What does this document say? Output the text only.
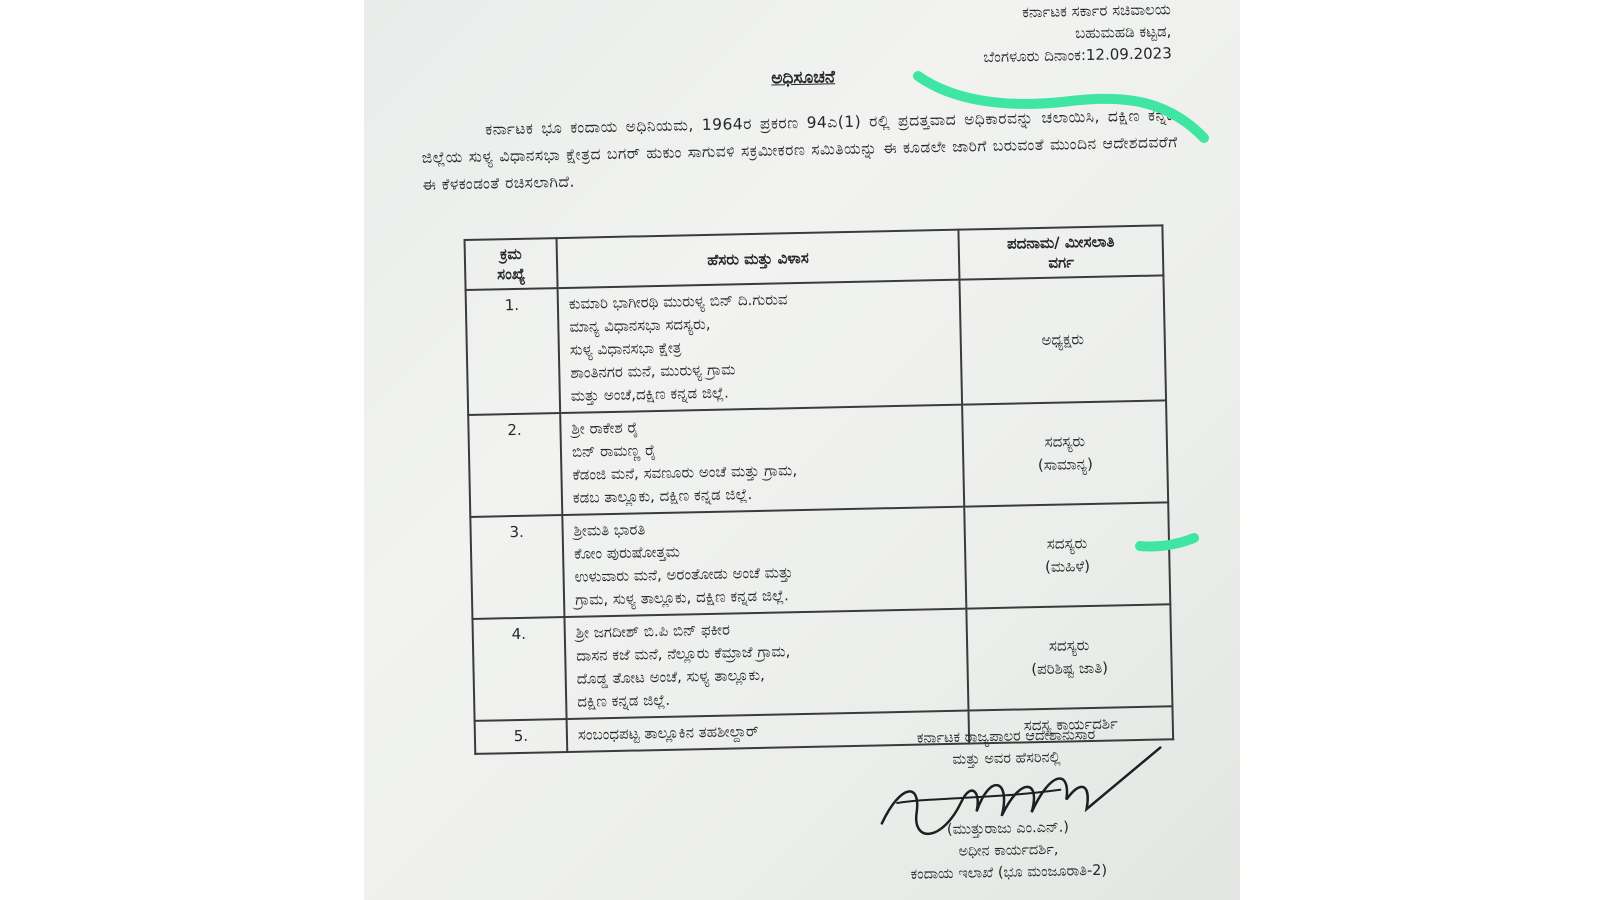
ಕರ್ನಾಟಕ ಸರ್ಕಾರ ಸಚಿವಾಲಯ
ಬಹುಮಹಡಿ ಕಟ್ಟಡ,
ಬೆಂಗಳೂರು ದಿನಾಂಕ:12.09.2023
ಅಧಿಸೂಚನೆ
ಕರ್ನಾಟಕ ಭೂ ಕಂದಾಯ ಅಧಿನಿಯಮ, 1964ರ ಪ್ರಕರಣ 94ಎ(1) ರಲ್ಲಿ ಪ್ರದತ್ತವಾದ ಅಧಿಕಾರವನ್ನು ಚಲಾಯಿಸಿ, ದಕ್ಷಿಣ ಕನ್ನಡ ಜಿಲ್ಲೆಯ ಸುಳ್ಯ ವಿಧಾನಸಭಾ ಕ್ಷೇತ್ರದ ಬಗರ್ ಹುಕುಂ ಸಾಗುವಳಿ ಸಕ್ರಮೀಕರಣ ಸಮಿತಿಯನ್ನು ಈ ಕೂಡಲೇ ಜಾರಿಗೆ ಬರುವಂತೆ ಮುಂದಿನ ಆದೇಶದವರೆಗೆ ಈ ಕೆಳಕಂಡಂತೆ ರಚಿಸಲಾಗಿದೆ.
ಕ್ರಮ
ಸಂಖ್ಯೆ	ಹೆಸರು ಮತ್ತು ವಿಳಾಸ	ಪದನಾಮ/ ಮೀಸಲಾತಿ
ವರ್ಗ

1.	ಕುಮಾರಿ ಭಾಗೀರಥಿ ಮುರುಳ್ಯ ಬಿನ್ ದಿ.ಗುರುವ
ಮಾನ್ಯ ವಿಧಾನಸಭಾ ಸದಸ್ಯರು,
ಸುಳ್ಯ ವಿಧಾನಸಭಾ ಕ್ಷೇತ್ರ
ಶಾಂತಿನಗರ ಮನೆ, ಮುರುಳ್ಯ ಗ್ರಾಮ
ಮತ್ತು ಅಂಚೆ,ದಕ್ಷಿಣ ಕನ್ನಡ ಜಿಲ್ಲೆ.	ಅಧ್ಯಕ್ಷರು

2.	ಶ್ರೀ ರಾಕೇಶ ರೈ
ಬಿನ್ ರಾಮಣ್ಣ ರೈ
ಕೆಡಂಜಿ ಮನೆ, ಸವಣೂರು ಅಂಚೆ ಮತ್ತು ಗ್ರಾಮ,
ಕಡಬ ತಾಲ್ಲೂಕು, ದಕ್ಷಿಣ ಕನ್ನಡ ಜಿಲ್ಲೆ.	ಸದಸ್ಯರು
(ಸಾಮಾನ್ಯ)

3.	ಶ್ರೀಮತಿ ಭಾರತಿ
ಕೋಂ ಪುರುಷೋತ್ತಮ
ಉಳುವಾರು ಮನೆ, ಅರಂತೋಡು ಅಂಚೆ ಮತ್ತು
ಗ್ರಾಮ, ಸುಳ್ಯ ತಾಲ್ಲೂಕು, ದಕ್ಷಿಣ ಕನ್ನಡ ಜಿಲ್ಲೆ.	ಸದಸ್ಯರು
(ಮಹಿಳೆ)

4.	ಶ್ರೀ ಜಗದೀಶ್ ಬಿ.ಪಿ ಬಿನ್ ಫಕೀರ
ದಾಸನ ಕಜೆ ಮನೆ, ನೆಲ್ಲೂರು ಕೆಮ್ರಾಜೆ ಗ್ರಾಮ,
ದೊಡ್ಡ ತೋಟ ಅಂಚೆ, ಸುಳ್ಯ ತಾಲ್ಲೂಕು,
ದಕ್ಷಿಣ ಕನ್ನಡ ಜಿಲ್ಲೆ.	ಸದಸ್ಯರು
(ಪರಿಶಿಷ್ಟ ಜಾತಿ)

5.	ಸಂಬಂಧಪಟ್ಟ ತಾಲ್ಲೂಕಿನ ತಹಶೀಲ್ದಾರ್	ಸದಸ್ಯ ಕಾರ್ಯದರ್ಶಿ
ಕರ್ನಾಟಕ ರಾಜ್ಯಪಾಲರ ಆದೇಶಾನುಸಾರ
ಮತ್ತು ಅವರ ಹೆಸರಿನಲ್ಲಿ
(ಮುತ್ತುರಾಜು ಎಂ.ಎನ್.)
ಅಧೀನ ಕಾರ್ಯದರ್ಶಿ,
ಕಂದಾಯ ಇಲಾಖೆ (ಭೂ ಮಂಜೂರಾತಿ-2)
